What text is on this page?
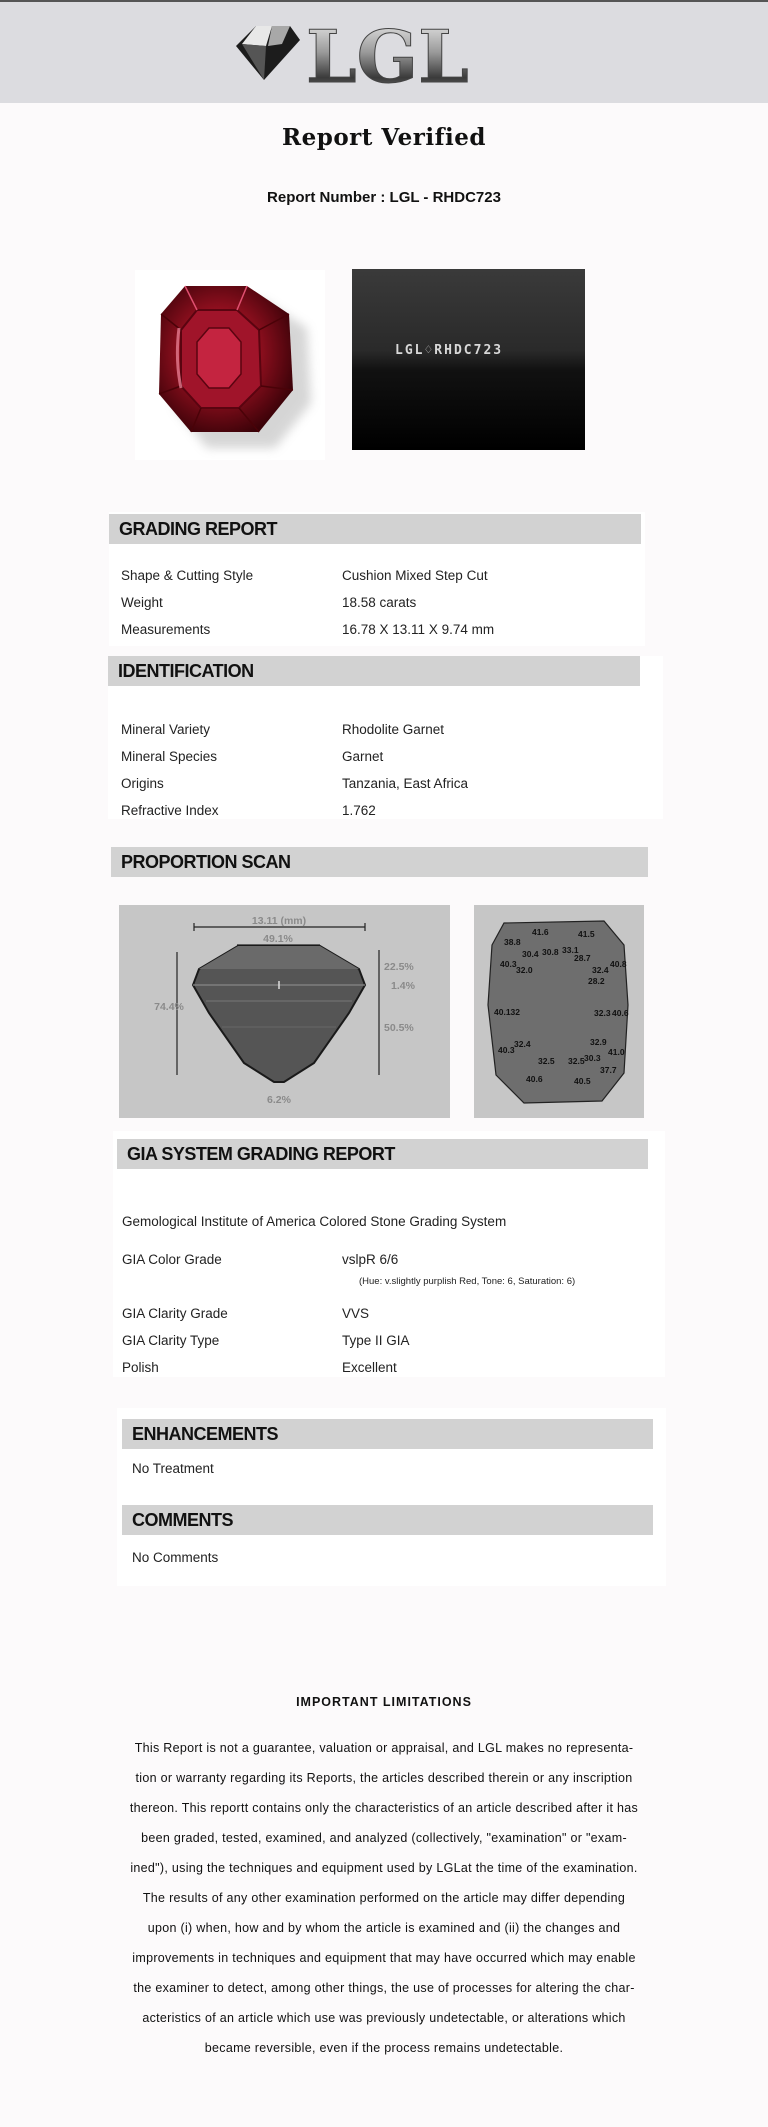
LGL
Report Verified
Report Number : LGL - RHDC723
LGL♢RHDC723
GRADING REPORT
Shape & Cutting Style	Cushion Mixed Step Cut
Weight	18.58 carats
Measurements	16.78 X 13.11 X 9.74 mm
IDENTIFICATION
Mineral Variety	Rhodolite Garnet
Mineral Species	Garnet
Origins	Tanzania, East Africa
Refractive Index	1.762
PROPORTION SCAN
13.11 (mm)
49.1%
74.4%
22.5%
1.4%
50.5%
6.2%
38.8
41.6	41.5
40.3
30.4 30.8 33.1
28.7
32.4
40.8
32.0
28.2
40.132	32.3 40.6
32.4	32.9
40.3
30.3
41.0
32.5 32.5
37.7
40.6	40.5
GIA SYSTEM GRADING REPORT
Gemological Institute of America Colored Stone Grading System
GIA Color Grade	vslpR 6/6
(Hue: v.slightly purplish Red, Tone: 6, Saturation: 6)
GIA Clarity Grade	VVS
GIA Clarity Type	Type II GIA
Polish	Excellent
ENHANCEMENTS
No Treatment
COMMENTS
No Comments
IMPORTANT LIMITATIONS
This Report is not a guarantee, valuation or appraisal, and LGL makes no representa-
tion or warranty regarding its Reports, the articles described therein or any inscription
thereon. This reportt contains only the characteristics of an article described after it has
been graded, tested, examined, and analyzed (collectively, "examination" or "exam-
ined"), using the techniques and equipment used by LGLat the time of the examination.
The results of any other examination performed on the article may differ depending
upon (i) when, how and by whom the article is examined and (ii) the changes and
improvements in techniques and equipment that may have occurred which may enable
the examiner to detect, among other things, the use of processes for altering the char-
acteristics of an article which use was previously undetectable, or alterations which
became reversible, even if the process remains undetectable.
